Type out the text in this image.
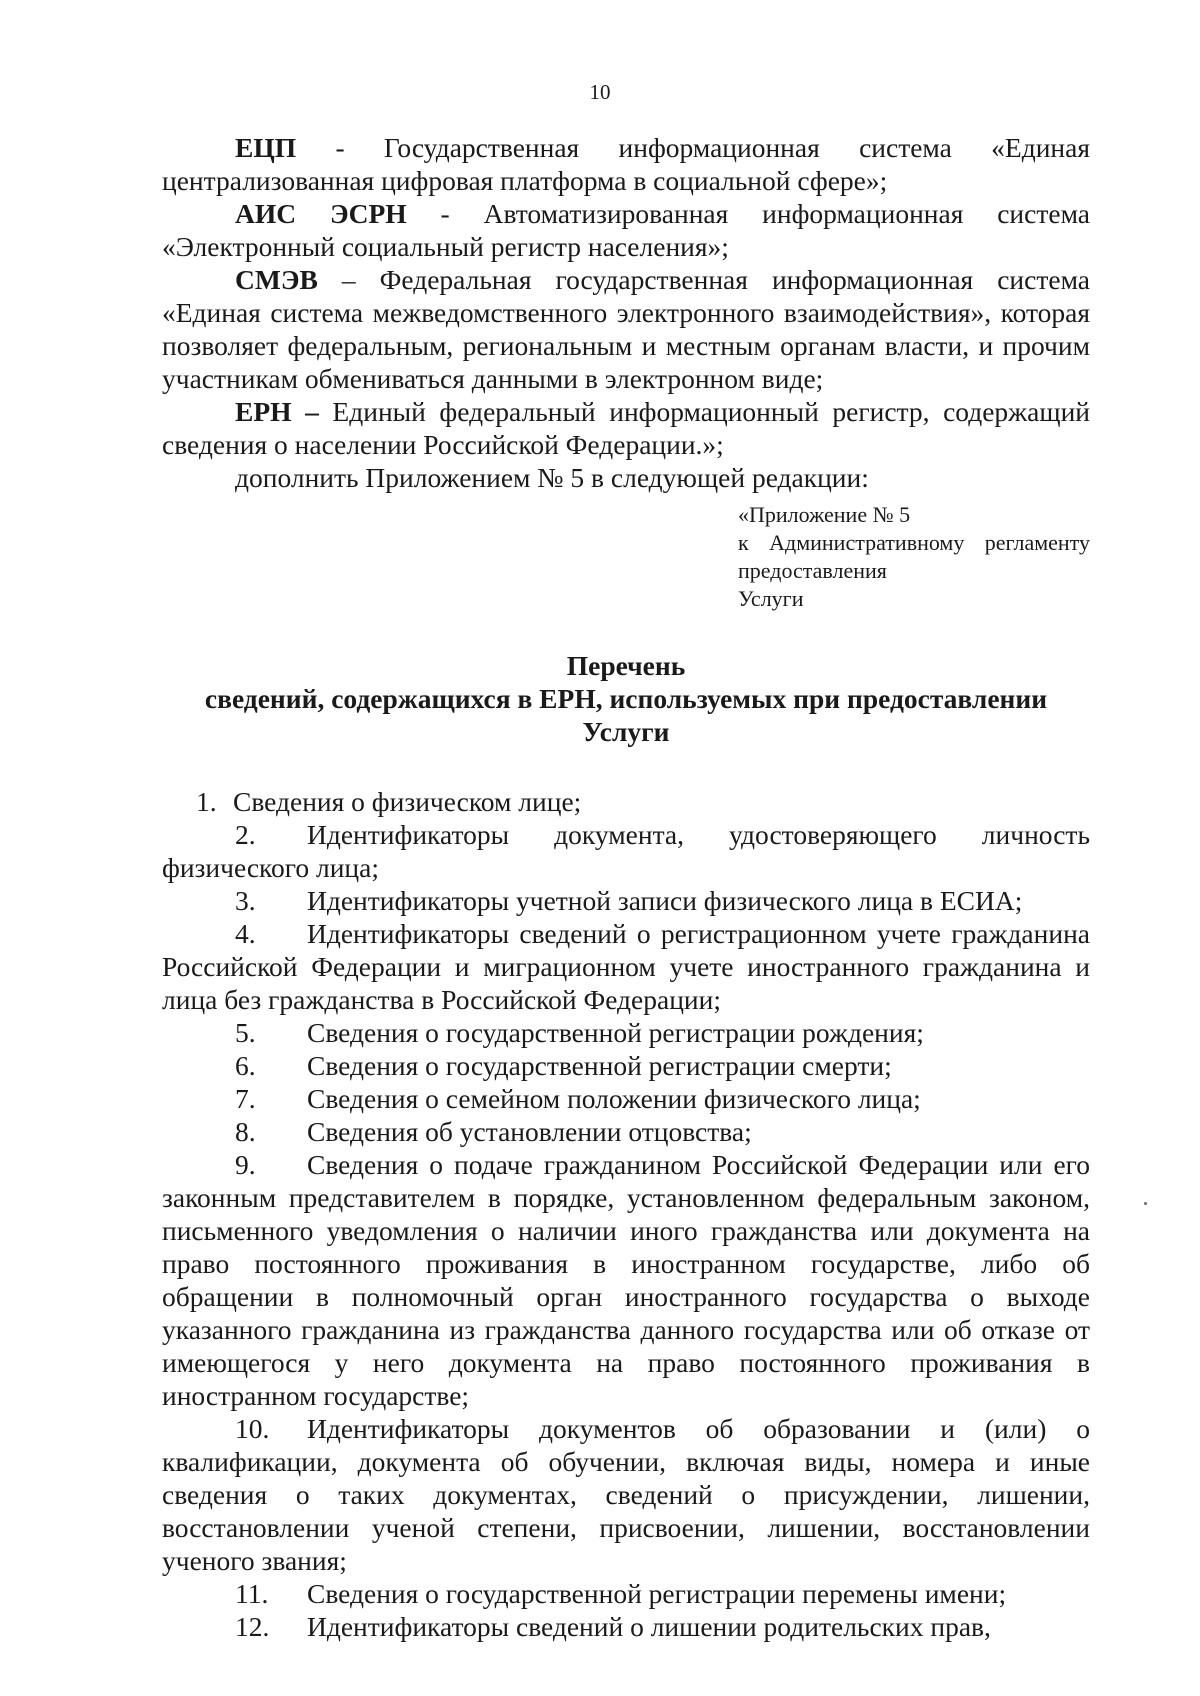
10

ЕЦП - Государственная информационная система «Единая централизованная цифровая платформа в социальной сфере»;

АИС ЭСРН - Автоматизированная информационная система «Электронный социальный регистр населения»;

СМЭВ – Федеральная государственная информационная система «Единая система межведомственного электронного взаимодействия», которая позволяет федеральным, региональным и местным органам власти, и прочим участникам обмениваться данными в электронном виде;

ЕРН – Единый федеральный информационный регистр, содержащий сведения о населении Российской Федерации.»;

дополнить Приложением № 5 в следующей редакции:

«Приложение № 5

к Административному регламенту предоставления

Услуги

Перечень

сведений, содержащихся в ЕРН, используемых при предоставлении

Услуги

1. Сведения о физическом лице;

2. Идентификаторы документа, удостоверяющего личность физического лица;

3. Идентификаторы учетной записи физического лица в ЕСИА;

4. Идентификаторы сведений о регистрационном учете гражданина Российской Федерации и миграционном учете иностранного гражданина и лица без гражданства в Российской Федерации;

5. Сведения о государственной регистрации рождения;

6. Сведения о государственной регистрации смерти;

7. Сведения о семейном положении физического лица;

8. Сведения об установлении отцовства;

9. Сведения о подаче гражданином Российской Федерации или его законным представителем в порядке, установленном федеральным законом, письменного уведомления о наличии иного гражданства или документа на право постоянного проживания в иностранном государстве, либо об обращении в полномочный орган иностранного государства о выходе указанного гражданина из гражданства данного государства или об отказе от имеющегося у него документа на право постоянного проживания в иностранном государстве;

10. Идентификаторы документов об образовании и (или) о квалификации, документа об обучении, включая виды, номера и иные сведения о таких документах, сведений о присуждении, лишении, восстановлении ученой степени, присвоении, лишении, восстановлении ученого звания;

11. Сведения о государственной регистрации перемены имени;

12. Идентификаторы сведений о лишении родительских прав,
